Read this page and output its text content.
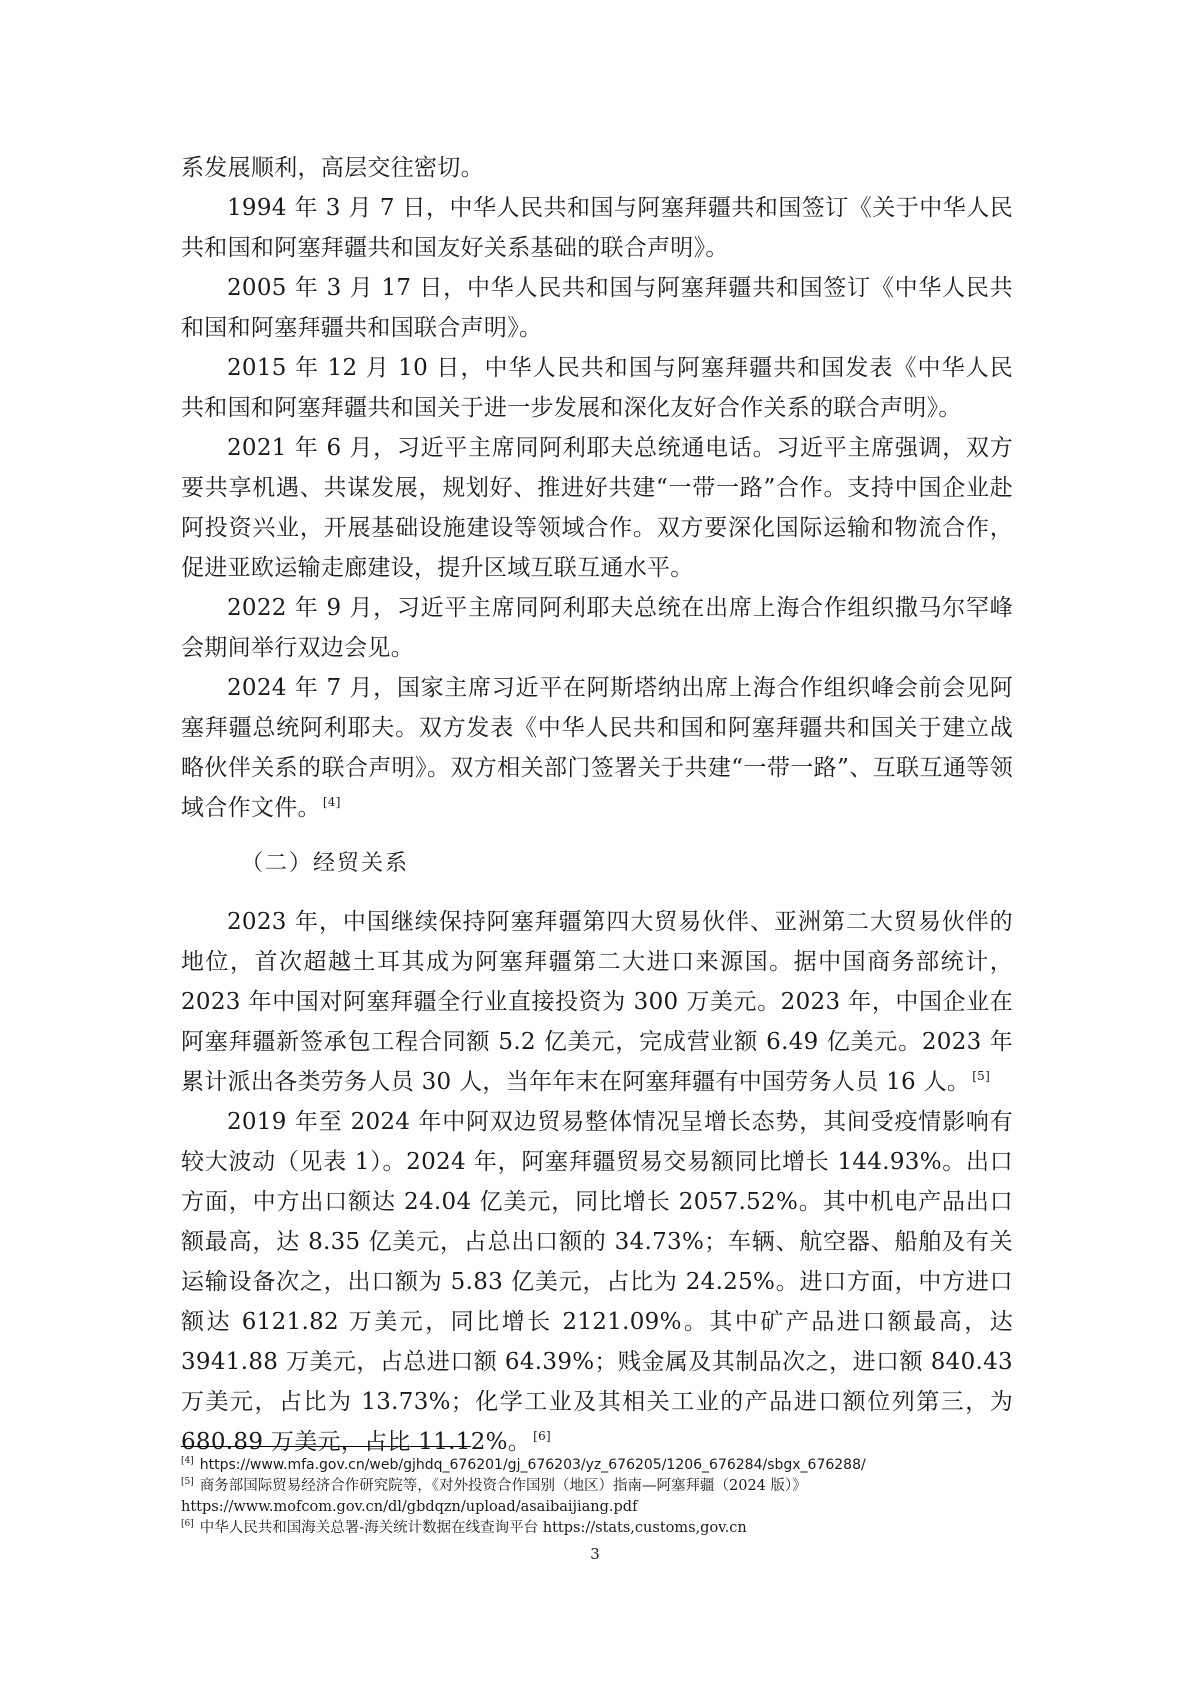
系发展顺利，高层交往密切。

1994 年 3 月 7 日，中华人民共和国与阿塞拜疆共和国签订《关于中华人民共和国和阿塞拜疆共和国友好关系基础的联合声明》。

2005 年 3 月 17 日，中华人民共和国与阿塞拜疆共和国签订《中华人民共和国和阿塞拜疆共和国联合声明》。

2015 年 12 月 10 日，中华人民共和国与阿塞拜疆共和国发表《中华人民共和国和阿塞拜疆共和国关于进一步发展和深化友好合作关系的联合声明》。

2021 年 6 月，习近平主席同阿利耶夫总统通电话。习近平主席强调，双方要共享机遇、共谋发展，规划好、推进好共建“一带一路”合作。支持中国企业赴阿投资兴业，开展基础设施建设等领域合作。双方要深化国际运输和物流合作，促进亚欧运输走廊建设，提升区域互联互通水平。

2022 年 9 月，习近平主席同阿利耶夫总统在出席上海合作组织撒马尔罕峰会期间举行双边会见。

2024 年 7 月，国家主席习近平在阿斯塔纳出席上海合作组织峰会前会见阿塞拜疆总统阿利耶夫。双方发表《中华人民共和国和阿塞拜疆共和国关于建立战略伙伴关系的联合声明》。双方相关部门签署关于共建“一带一路”、互联互通等领域合作文件。 [4]

（二）经贸关系

2023 年，中国继续保持阿塞拜疆第四大贸易伙伴、亚洲第二大贸易伙伴的地位，首次超越土耳其成为阿塞拜疆第二大进口来源国。据中国商务部统计，2023 年中国对阿塞拜疆全行业直接投资为 300 万美元。2023 年，中国企业在阿塞拜疆新签承包工程合同额 5.2 亿美元，完成营业额 6.49 亿美元。2023 年累计派出各类劳务人员 30 人，当年年末在阿塞拜疆有中国劳务人员 16 人。 [5]

2019 年至 2024 年中阿双边贸易整体情况呈增长态势，其间受疫情影响有较大波动（见表 1）。2024 年，阿塞拜疆贸易交易额同比增长 144.93%。出口方面，中方出口额达 24.04 亿美元，同比增长 2057.52%。其中机电产品出口额最高，达 8.35 亿美元，占总出口额的 34.73%；车辆、航空器、船舶及有关运输设备次之，出口额为 5.83 亿美元，占比为 24.25%。进口方面，中方进口额达 6121.82 万美元，同比增长 2121.09%。其中矿产品进口额最高，达 3941.88 万美元，占总进口额 64.39%；贱金属及其制品次之，进口额 840.43 万美元，占比为 13.73%；化学工业及其相关工业的产品进口额位列第三，为 680.89 万美元，占比 11.12%。 [6]

[4] https://www.mfa.gov.cn/web/gjhdq_676201/gj_676203/yz_676205/1206_676284/sbgx_676288/

[5] 商务部国际贸易经济合作研究院等，《对外投资合作国别（地区）指南—阿塞拜疆（2024 版）》

https://www.mofcom.gov.cn/dl/gbdqzn/upload/asaibaijiang.pdf

[6] 中华人民共和国海关总署-海关统计数据在线查询平台 https://stats,customs,gov.cn

3
